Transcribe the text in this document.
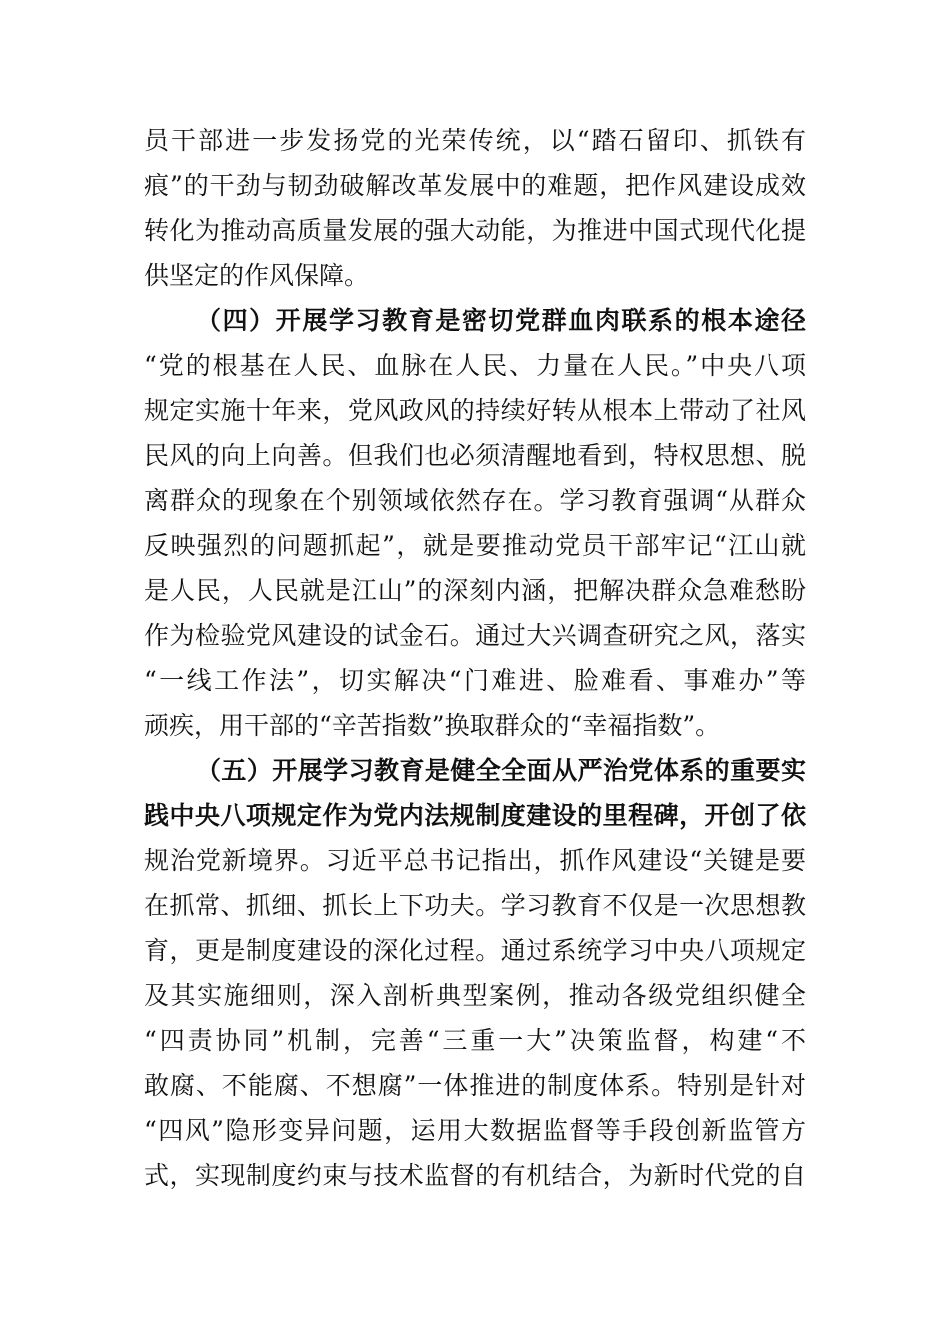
员干部进一步发扬党的光荣传统，以“踏石留印、抓铁有
痕”的干劲与韧劲破解改革发展中的难题，把作风建设成效
转化为推动高质量发展的强大动能，为推进中国式现代化提
供坚定的作风保障。
（四）开展学习教育是密切党群血肉联系的根本途径
“党的根基在人民、血脉在人民、力量在人民。”中央八项
规定实施十年来，党风政风的持续好转从根本上带动了社风
民风的向上向善。但我们也必须清醒地看到，特权思想、脱
离群众的现象在个别领域依然存在。学习教育强调“从群众
反映强烈的问题抓起”，就是要推动党员干部牢记“江山就
是人民，人民就是江山”的深刻内涵，把解决群众急难愁盼
作为检验党风建设的试金石。通过大兴调查研究之风，落实
“一线工作法”，切实解决“门难进、脸难看、事难办”等
顽疾，用干部的“辛苦指数”换取群众的“幸福指数”。
（五）开展学习教育是健全全面从严治党体系的重要实
践中央八项规定作为党内法规制度建设的里程碑，开创了依
规治党新境界。习近平总书记指出，抓作风建设“关键是要
在抓常、抓细、抓长上下功夫。学习教育不仅是一次思想教
育，更是制度建设的深化过程。通过系统学习中央八项规定
及其实施细则，深入剖析典型案例，推动各级党组织健全
“四责协同”机制，完善“三重一大”决策监督，构建“不
敢腐、不能腐、不想腐”一体推进的制度体系。特别是针对
“四风”隐形变异问题，运用大数据监督等手段创新监管方
式，实现制度约束与技术监督的有机结合，为新时代党的自
